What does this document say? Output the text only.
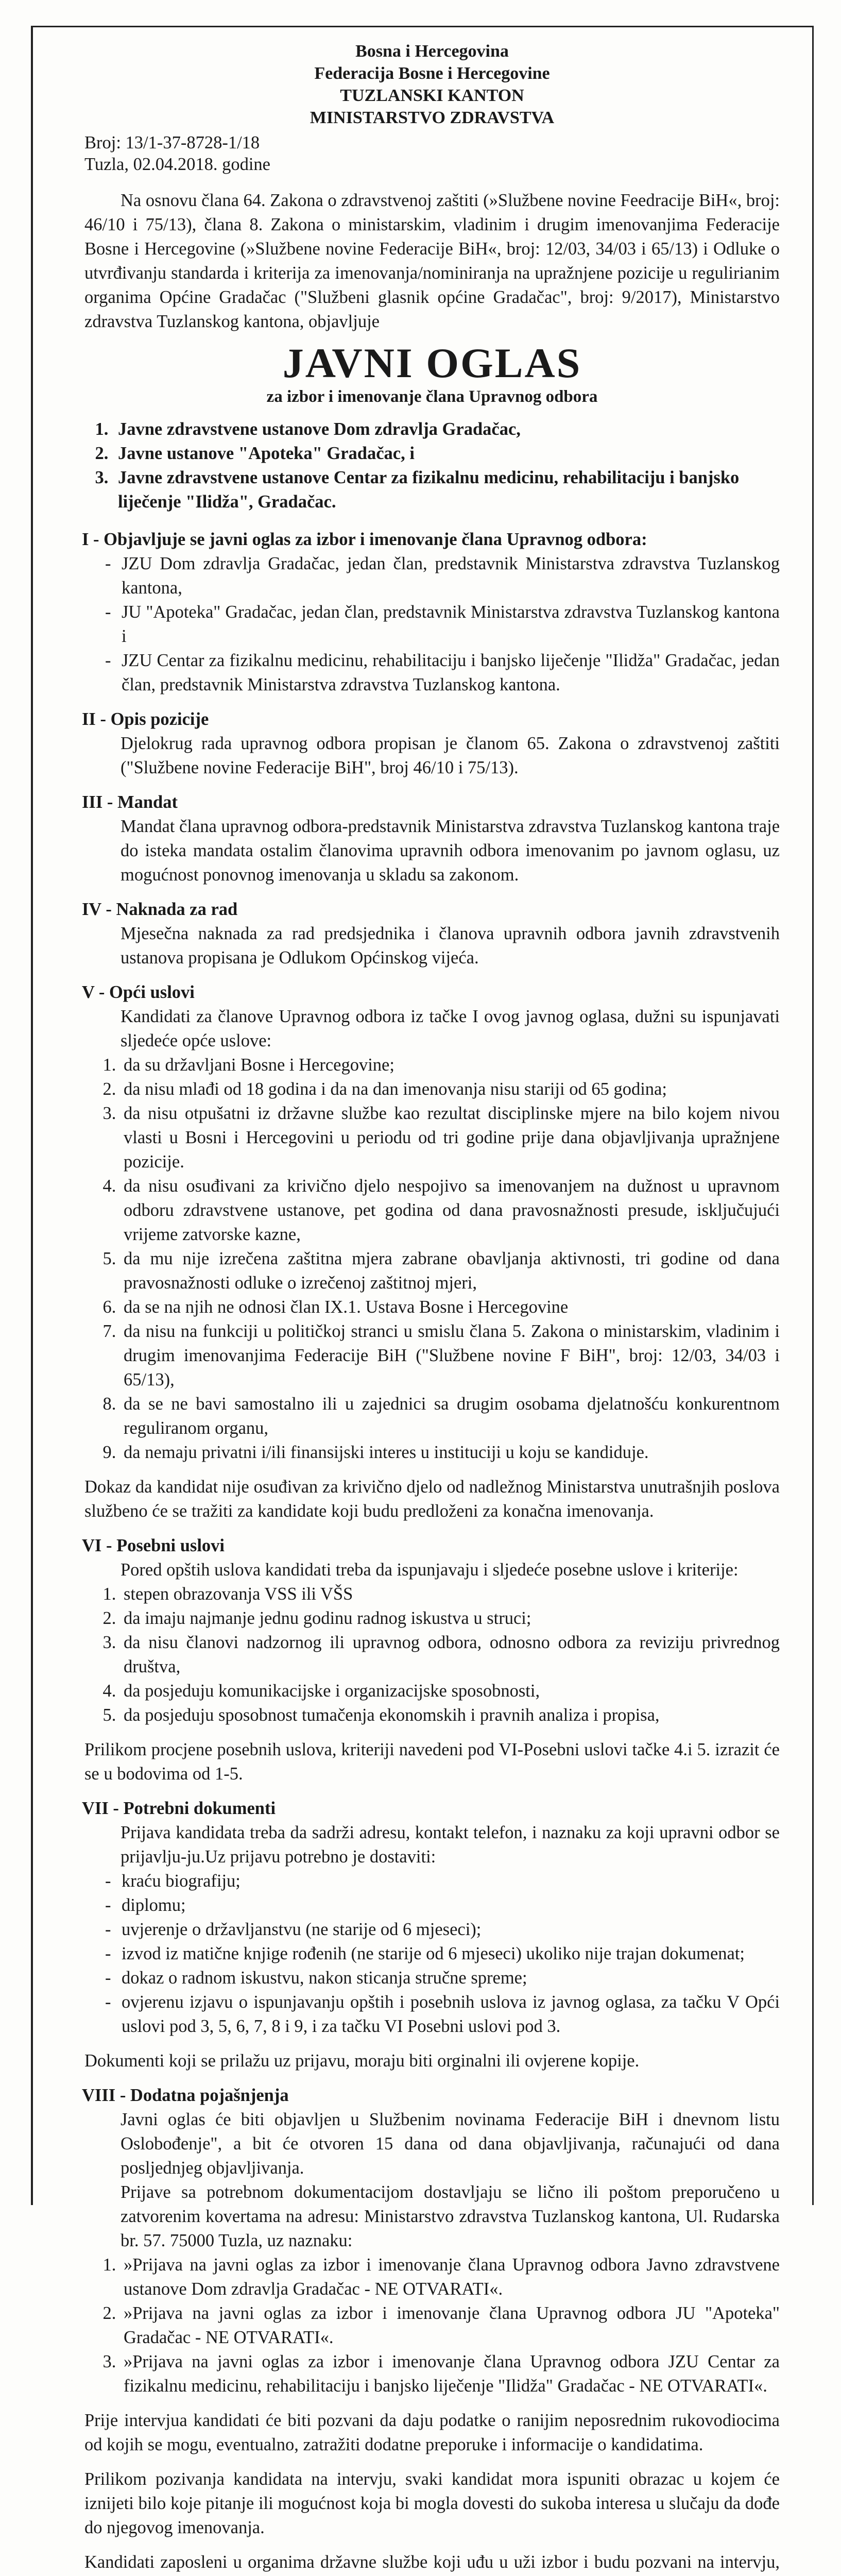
Bosna i Hercegovina
Federacija Bosne i Hercegovine
TUZLANSKI KANTON
MINISTARSTVO ZDRAVSTVA
Broj: 13/1-37-8728-1/18
Tuzla, 02.04.2018. godine

Na osnovu člana 64. Zakona o zdravstvenoj zaštiti (»Službene novine Feedracije BiH«, broj: 46/10 i 75/13), člana 8. Zakona o ministarskim, vladinim i drugim imenovanjima Federacije Bosne i Hercegovine (»Službene novine Federacije BiH«, broj: 12/03, 34/03 i 65/13) i Odluke o utvrđivanju standarda i kriterija za imenovanja/nominiranja na upražnjene pozicije u regulirianim organima Općine Gradačac ("Službeni glasnik općine Gradačac", broj: 9/2017), Ministarstvo zdravstva Tuzlanskog kantona, objavljuje

JAVNI OGLAS
za izbor i imenovanje člana Upravnog odbora
1. Javne zdravstvene ustanove Dom zdravlja Gradačac,
2. Javne ustanove "Apoteka" Gradačac, i
3. Javne zdravstvene ustanove Centar za fizikalnu medicinu, rehabilitaciju i banjsko liječenje "Ilidža", Gradačac.
I - Objavljuje se javni oglas za izbor i imenovanje člana Upravnog odbora:
- JZU Dom zdravlja Gradačac, jedan član, predstavnik Ministarstva zdravstva Tuzlanskog kantona,
- JU "Apoteka" Gradačac, jedan član, predstavnik Ministarstva zdravstva Tuzlanskog kantona i
- JZU Centar za fizikalnu medicinu, rehabilitaciju i banjsko liječenje "Ilidža" Gradačac, jedan član, predstavnik Ministarstva zdravstva Tuzlanskog kantona.
II - Opis pozicije

Djelokrug rada upravnog odbora propisan je članom 65. Zakona o zdravstvenoj zaštiti ("Službene novine Federacije BiH", broj 46/10 i 75/13).

III - Mandat

Mandat člana upravnog odbora-predstavnik Ministarstva zdravstva Tuzlanskog kantona traje do isteka mandata ostalim članovima upravnih odbora imenovanim po javnom oglasu, uz mogućnost ponovnog imenovanja u skladu sa zakonom.

IV - Naknada za rad

Mjesečna naknada za rad predsjednika i članova upravnih odbora javnih zdravstvenih ustanova propisana je Odlukom Općinskog vijeća.

V - Opći uslovi

Kandidati za članove Upravnog odbora iz tačke I ovog javnog oglasa, dužni su ispunjavati sljedeće opće uslove:

1. da su državljani Bosne i Hercegovine;
2. da nisu mlađi od 18 godina i da na dan imenovanja nisu stariji od 65 godina;
3. da nisu otpušatni iz državne službe kao rezultat disciplinske mjere na bilo kojem nivou vlasti u Bosni i Hercegovini u periodu od tri godine prije dana objavljivanja upražnjene pozicije.
4. da nisu osuđivani za krivično djelo nespojivo sa imenovanjem na dužnost u upravnom odboru zdravstvene ustanove, pet godina od dana pravosnažnosti presude, isključujući vrijeme zatvorske kazne,
5. da mu nije izrečena zaštitna mjera zabrane obavljanja aktivnosti, tri godine od dana pravosnažnosti odluke o izrečenoj zaštitnoj mjeri,
6. da se na njih ne odnosi član IX.1. Ustava Bosne i Hercegovine
7. da nisu na funkciji u političkoj stranci u smislu člana 5. Zakona o ministarskim, vladinim i drugim imenovanjima Federacije BiH ("Službene novine F BiH", broj: 12/03, 34/03 i 65/13),
8. da se ne bavi samostalno ili u zajednici sa drugim osobama djelatnošću konkurentnom reguliranom organu,
9. da nemaju privatni i/ili finansijski interes u instituciji u koju se kandiduje.

Dokaz da kandidat nije osuđivan za krivično djelo od nadležnog Ministarstva unutrašnjih poslova službeno će se tražiti za kandidate koji budu predloženi za konačna imenovanja.

VI - Posebni uslovi

Pored opštih uslova kandidati treba da ispunjavaju i sljedeće posebne uslove i kriterije:

1. stepen obrazovanja VSS ili VŠS
2. da imaju najmanje jednu godinu radnog iskustva u struci;
3. da nisu članovi nadzornog ili upravnog odbora, odnosno odbora za reviziju privrednog društva,
4. da posjeduju komunikacijske i organizacijske sposobnosti,
5. da posjeduju sposobnost tumačenja ekonomskih i pravnih analiza i propisa,

Prilikom procjene posebnih uslova, kriteriji navedeni pod VI-Posebni uslovi tačke 4.i 5. izrazit će se u bodovima od 1-5.

VII - Potrebni dokumenti

Prijava kandidata treba da sadrži adresu, kontakt telefon, i naznaku za koji upravni odbor se prijavlju-ju.Uz prijavu potrebno je dostaviti:

- kraću biografiju;
- diplomu;
- uvjerenje o državljanstvu (ne starije od 6 mjeseci);
- izvod iz matične knjige rođenih (ne starije od 6 mjeseci) ukoliko nije trajan dokumenat;
- dokaz o radnom iskustvu, nakon sticanja stručne spreme;
- ovjerenu izjavu o ispunjavanju opštih i posebnih uslova iz javnog oglasa, za tačku V Opći uslovi pod 3, 5, 6, 7, 8 i 9, i za tačku VI Posebni uslovi pod 3.

Dokumenti koji se prilažu uz prijavu, moraju biti orginalni ili ovjerene kopije.

VIII - Dodatna pojašnjenja

Javni oglas će biti objavljen u Službenim novinama Federacije BiH i dnevnom listu Oslobođenje", a bit će otvoren 15 dana od dana objavljivanja, računajući od dana posljednjeg objavljivanja.

Prijave sa potrebnom dokumentacijom dostavljaju se lično ili poštom preporučeno u zatvorenim kovertama na adresu: Ministarstvo zdravstva Tuzlanskog kantona, Ul. Rudarska br. 57. 75000 Tuzla, uz naznaku:

1. »Prijava na javni oglas za izbor i imenovanje člana Upravnog odbora Javno zdravstvene ustanove Dom zdravlja Gradačac - NE OTVARATI«.
2. »Prijava na javni oglas za izbor i imenovanje člana Upravnog odbora JU "Apoteka" Gradačac - NE OTVARATI«.
3. »Prijava na javni oglas za izbor i imenovanje člana Upravnog odbora JZU Centar za fizikalnu medicinu, rehabilitaciju i banjsko liječenje "Ilidža" Gradačac - NE OTVARATI«.

Prije intervjua kandidati će biti pozvani da daju podatke o ranijim neposrednim rukovodiocima od kojih se mogu, eventualno, zatražiti dodatne preporuke i informacije o kandidatima.

Prilikom pozivanja kandidata na intervju, svaki kandidat mora ispuniti obrazac u kojem će iznijeti bilo koje pitanje ili mogućnost koja bi mogla dovesti do sukoba interesa u slučaju da dođe do njegovog imenovanja.

Kandidati zaposleni u organima državne službe koji uđu u uži izbor i budu pozvani na intervju,
